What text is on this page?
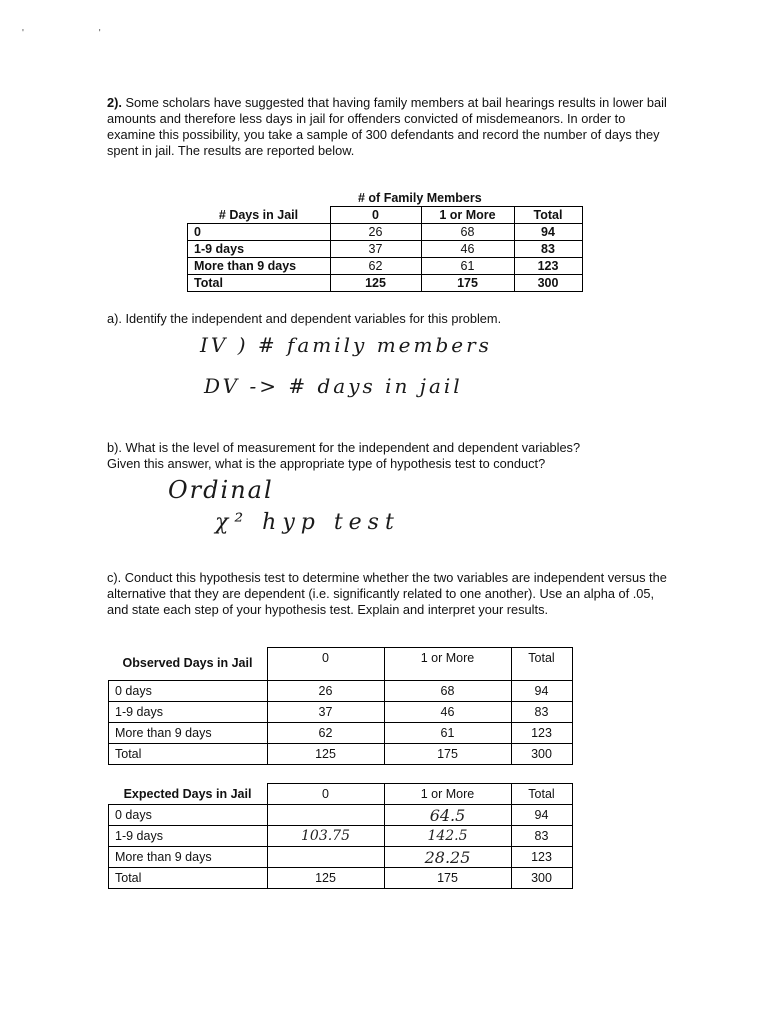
' '
2). Some scholars have suggested that having family members at bail hearings results in lower bail amounts and therefore less days in jail for offenders convicted of misdemeanors. In order to examine this possibility, you take a sample of 300 defendants and record the number of days they spent in jail. The results are reported below.
# of Family Members
# Days in Jail	0	1 or More	Total
0	26	68	94
1-9 days	37	46	83
More than 9 days	62	61	123
Total	125	175	300
a). Identify the independent and dependent variables for this problem.
IV ) # family members
DV -> # days in jail
b). What is the level of measurement for the independent and dependent variables?
Given this answer, what is the appropriate type of hypothesis test to conduct?
Ordinal
χ² hyp test
c). Conduct this hypothesis test to determine whether the two variables are independent versus the alternative that they are dependent (i.e. significantly related to one another). Use an alpha of .05, and state each step of your hypothesis test. Explain and interpret your results.
Observed Days in Jail	0	1 or More	Total
0 days	26	68	94
1-9 days	37	46	83
More than 9 days	62	61	123
Total	125	175	300
Expected Days in Jail	0	1 or More	Total
0 days		64.5	94
1-9 days	103.75	142.5	83
More than 9 days		28.25	123
Total	125	175	300
